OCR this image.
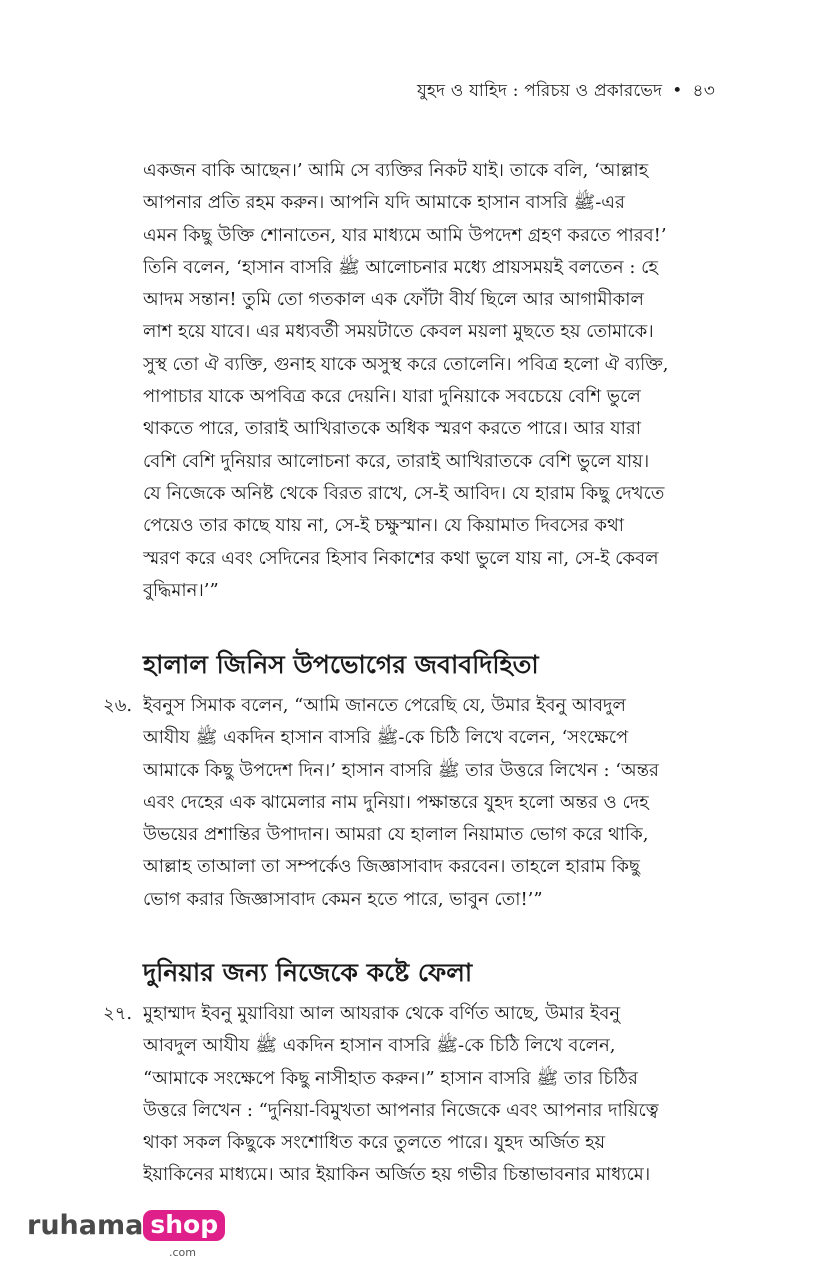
যুহদ ও যাহিদ : পরিচয় ও প্রকারভেদ • ৪৩
একজন বাকি আছেন।’ আমি সে ব্যক্তির নিকট যাই। তাকে বলি, ‘আল্লাহ
আপনার প্রতি রহম করুন। আপনি যদি আমাকে হাসান বাসরি ﷺ-এর
এমন কিছু উক্তি শোনাতেন, যার মাধ্যমে আমি উপদেশ গ্রহণ করতে পারব!’
তিনি বলেন, ‘হাসান বাসরি ﷺ আলোচনার মধ্যে প্রায়সময়ই বলতেন : হে
আদম সন্তান! তুমি তো গতকাল এক ফোঁটা বীর্য ছিলে আর আগামীকাল
লাশ হয়ে যাবে। এর মধ্যবর্তী সময়টাতে কেবল ময়লা মুছতে হয় তোমাকে।
সুস্থ তো ঐ ব্যক্তি, গুনাহ যাকে অসুস্থ করে তোলেনি। পবিত্র হলো ঐ ব্যক্তি,
পাপাচার যাকে অপবিত্র করে দেয়নি। যারা দুনিয়াকে সবচেয়ে বেশি ভুলে
থাকতে পারে, তারাই আখিরাতকে অধিক স্মরণ করতে পারে। আর যারা
বেশি বেশি দুনিয়ার আলোচনা করে, তারাই আখিরাতকে বেশি ভুলে যায়।
যে নিজেকে অনিষ্ট থেকে বিরত রাখে, সে-ই আবিদ। যে হারাম কিছু দেখতে
পেয়েও তার কাছে যায় না, সে-ই চক্ষুস্মান। যে কিয়ামাত দিবসের কথা
স্মরণ করে এবং সেদিনের হিসাব নিকাশের কথা ভুলে যায় না, সে-ই কেবল
বুদ্ধিমান।’”
হালাল জিনিস উপভোগের জবাবদিহিতা
২৬. ইবনুস সিমাক বলেন, “আমি জানতে পেরেছি যে, উমার ইবনু আবদুল
আযীয ﷺ একদিন হাসান বাসরি ﷺ-কে চিঠি লিখে বলেন, ‘সংক্ষেপে
আমাকে কিছু উপদেশ দিন।’ হাসান বাসরি ﷺ তার উত্তরে লিখেন : ‘অন্তর
এবং দেহের এক ঝামেলার নাম দুনিয়া। পক্ষান্তরে যুহদ হলো অন্তর ও দেহ
উভয়ের প্রশান্তির উপাদান। আমরা যে হালাল নিয়ামাত ভোগ করে থাকি,
আল্লাহ তাআলা তা সম্পর্কেও জিজ্ঞাসাবাদ করবেন। তাহলে হারাম কিছু
ভোগ করার জিজ্ঞাসাবাদ কেমন হতে পারে, ভাবুন তো!’”
দুনিয়ার জন্য নিজেকে কষ্টে ফেলা
২৭. মুহাম্মাদ ইবনু মুয়াবিয়া আল আযরাক থেকে বর্ণিত আছে, উমার ইবনু
আবদুল আযীয ﷺ একদিন হাসান বাসরি ﷺ-কে চিঠি লিখে বলেন,
“আমাকে সংক্ষেপে কিছু নাসীহাত করুন।” হাসান বাসরি ﷺ তার চিঠির
উত্তরে লিখেন : “দুনিয়া-বিমুখতা আপনার নিজেকে এবং আপনার দায়িত্বে
থাকা সকল কিছুকে সংশোধিত করে তুলতে পারে। যুহদ অর্জিত হয়
ইয়াকিনের মাধ্যমে। আর ইয়াকিন অর্জিত হয় গভীর চিন্তাভাবনার মাধ্যমে।
ruhama shop
.com
